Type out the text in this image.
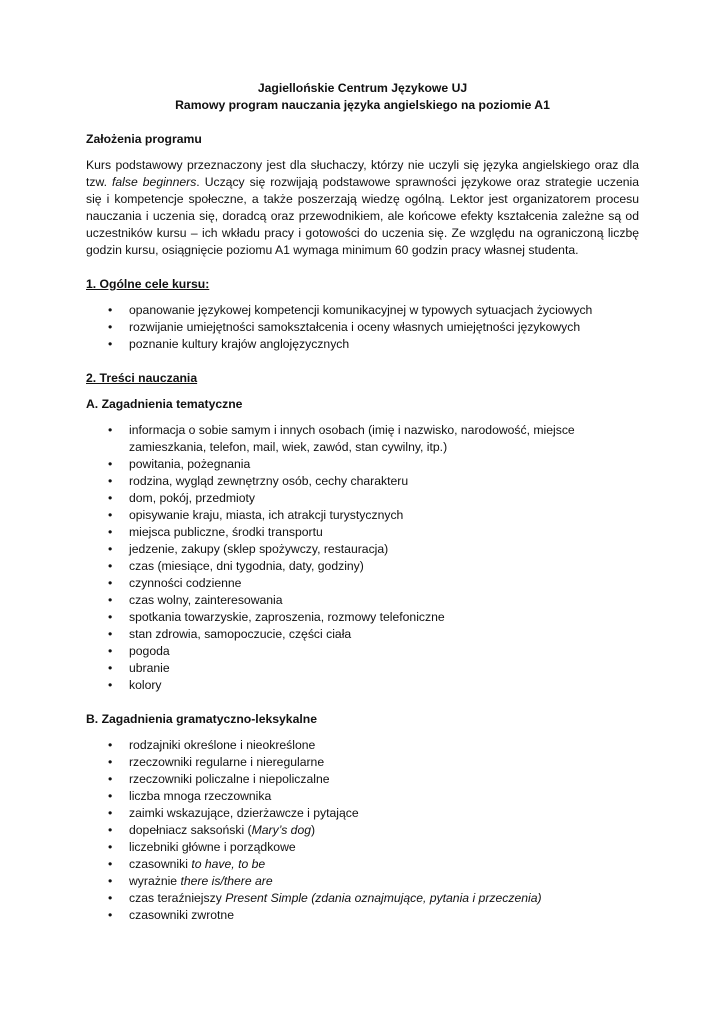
Jagiellońskie Centrum Językowe UJ

Ramowy program nauczania języka angielskiego na poziomie A1

Założenia programu

Kurs podstawowy przeznaczony jest dla słuchaczy, którzy nie uczyli się języka angielskiego oraz dla tzw. false beginners. Uczący się rozwijają podstawowe sprawności językowe oraz strategie uczenia się i kompetencje społeczne, a także poszerzają wiedzę ogólną. Lektor jest organizatorem procesu nauczania i uczenia się, doradcą oraz przewodnikiem, ale końcowe efekty kształcenia zależne są od uczestników kursu – ich wkładu pracy i gotowości do uczenia się. Ze względu na ograniczoną liczbę godzin kursu, osiągnięcie poziomu A1 wymaga minimum 60 godzin pracy własnej studenta.

1. Ogólne cele kursu:

• opanowanie językowej kompetencji komunikacyjnej w typowych sytuacjach życiowych
• rozwijanie umiejętności samokształcenia i oceny własnych umiejętności językowych
• poznanie kultury krajów anglojęzycznych

2. Treści nauczania

A. Zagadnienia tematyczne

• informacja o sobie samym i innych osobach (imię i nazwisko, narodowość, miejsce zamieszkania, telefon, mail, wiek, zawód, stan cywilny, itp.)
• powitania, pożegnania
• rodzina, wygląd zewnętrzny osób, cechy charakteru
• dom, pokój, przedmioty
• opisywanie kraju, miasta, ich atrakcji turystycznych
• miejsca publiczne, środki transportu
• jedzenie, zakupy (sklep spożywczy, restauracja)
• czas (miesiące, dni tygodnia, daty, godziny)
• czynności codzienne
• czas wolny, zainteresowania
• spotkania towarzyskie, zaproszenia, rozmowy telefoniczne
• stan zdrowia, samopoczucie, części ciała
• pogoda
• ubranie
• kolory

B. Zagadnienia gramatyczno-leksykalne

• rodzajniki określone i nieokreślone
• rzeczowniki regularne i nieregularne
• rzeczowniki policzalne i niepoliczalne
• liczba mnoga rzeczownika
• zaimki wskazujące, dzierżawcze i pytające
• dopełniacz saksoński (Mary’s dog)
• liczebniki główne i porządkowe
• czasowniki to have, to be
• wyrażnie there is/there are
• czas teraźniejszy Present Simple (zdania oznajmujące, pytania i przeczenia)
• czasowniki zwrotne
